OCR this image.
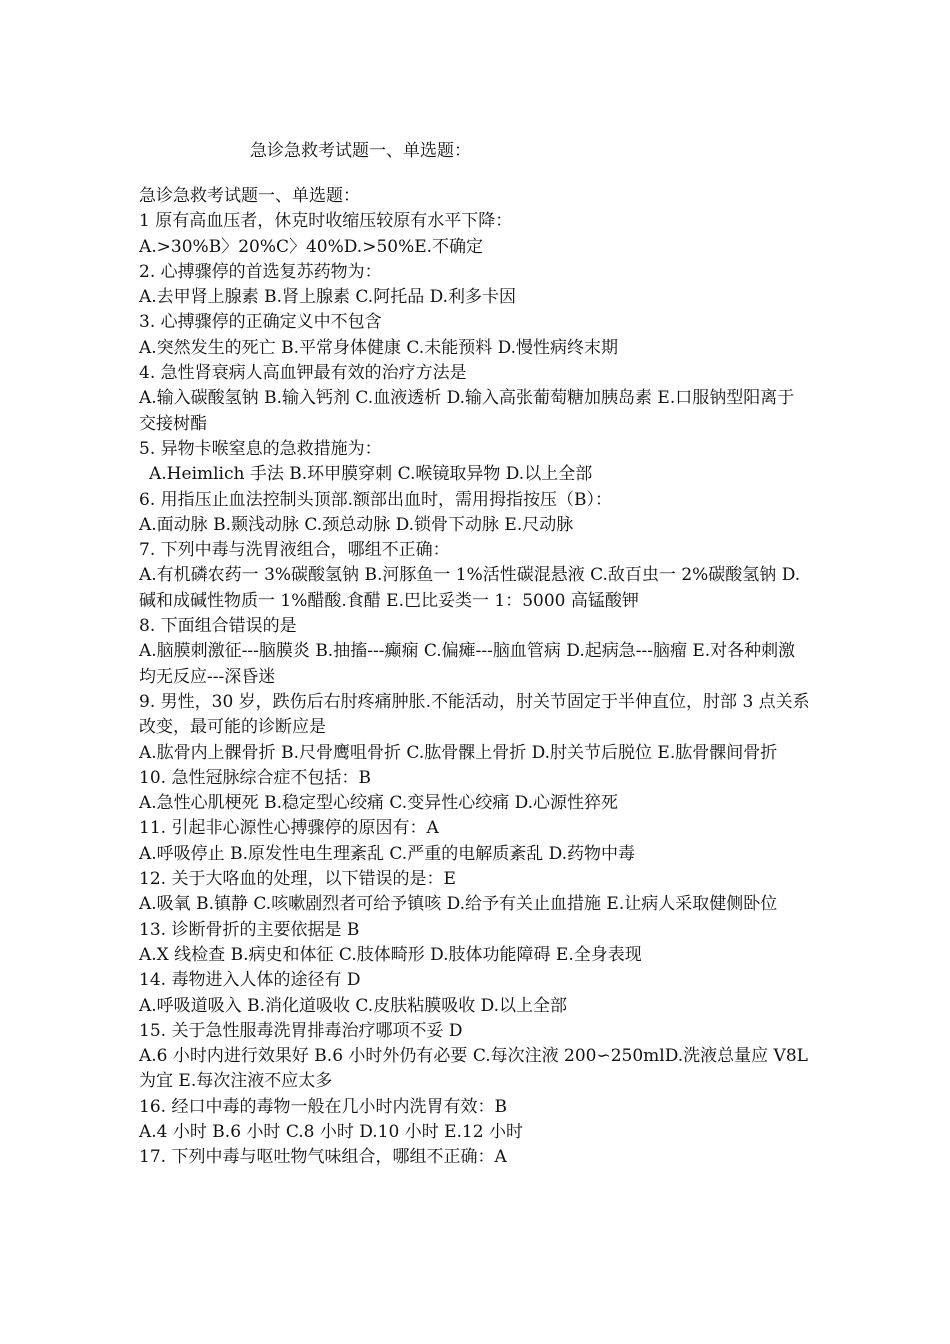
急诊急救考试题一、单选题：

急诊急救考试题一、单选题：

1 原有高血压者，休克时收缩压较原有水平下降：

A.>30%B〉20%C〉40%D.>50%E.不确定

2. 心搏骤停的首选复苏药物为：

A.去甲肾上腺素 B.肾上腺素 C.阿托品 D.利多卡因

3. 心搏骤停的正确定义中不包含

A.突然发生的死亡 B.平常身体健康 C.未能预料 D.慢性病终末期

4. 急性肾衰病人高血钾最有效的治疗方法是

A.输入碳酸氢钠 B.输入钙剂 C.血液透析 D.输入高张葡萄糖加胰岛素 E.口服钠型阳离于交接树酯

5. 异物卡喉窒息的急救措施为：

A.Heimlich 手法 B.环甲膜穿刺 C.喉镜取异物 D.以上全部

6. 用指压止血法控制头顶部.额部出血时，需用拇指按压（B）：

A.面动脉 B.颞浅动脉 C.颈总动脉 D.锁骨下动脉 E.尺动脉

7. 下列中毒与洗胃液组合，哪组不正确：

A.有机磷农药一 3%碳酸氢钠 B.河豚鱼一 1%活性碳混悬液 C.敌百虫一 2%碳酸氢钠 D.碱和成碱性物质一 1%醋酸.食醋 E.巴比妥类一 1：5000 高锰酸钾

8. 下面组合错误的是

A.脑膜刺激征---脑膜炎 B.抽搐---癫痫 C.偏瘫---脑血管病 D.起病急---脑瘤 E.对各种刺激均无反应---深昏迷

9. 男性，30 岁，跌伤后右肘疼痛肿胀.不能活动，肘关节固定于半伸直位，肘部 3 点关系改变，最可能的诊断应是

A.肱骨内上髁骨折 B.尺骨鹰咀骨折 C.肱骨髁上骨折 D.肘关节后脱位 E.肱骨髁间骨折

10. 急性冠脉综合症不包括：B

A.急性心肌梗死 B.稳定型心绞痛 C.变异性心绞痛 D.心源性猝死

11. 引起非心源性心搏骤停的原因有：A

A.呼吸停止 B.原发性电生理紊乱 C.严重的电解质紊乱 D.药物中毒

12. 关于大咯血的处理，以下错误的是：E

A.吸氧 B.镇静 C.咳嗽剧烈者可给予镇咳 D.给予有关止血措施 E.让病人采取健侧卧位

13. 诊断骨折的主要依据是 B

A.X 线检查 B.病史和体征 C.肢体畸形 D.肢体功能障碍 E.全身表现

14. 毒物进入人体的途径有 D

A.呼吸道吸入 B.消化道吸收 C.皮肤粘膜吸收 D.以上全部

15. 关于急性服毒洗胃排毒治疗哪项不妥 D

A.6 小时内进行效果好 B.6 小时外仍有必要 C.每次注液 200∽250mlD.洗液总量应 V8L 为宜 E.每次注液不应太多

16. 经口中毒的毒物一般在几小时内洗胃有效：B

A.4 小时 B.6 小时 C.8 小时 D.10 小时 E.12 小时

17. 下列中毒与呕吐物气味组合，哪组不正确：A
